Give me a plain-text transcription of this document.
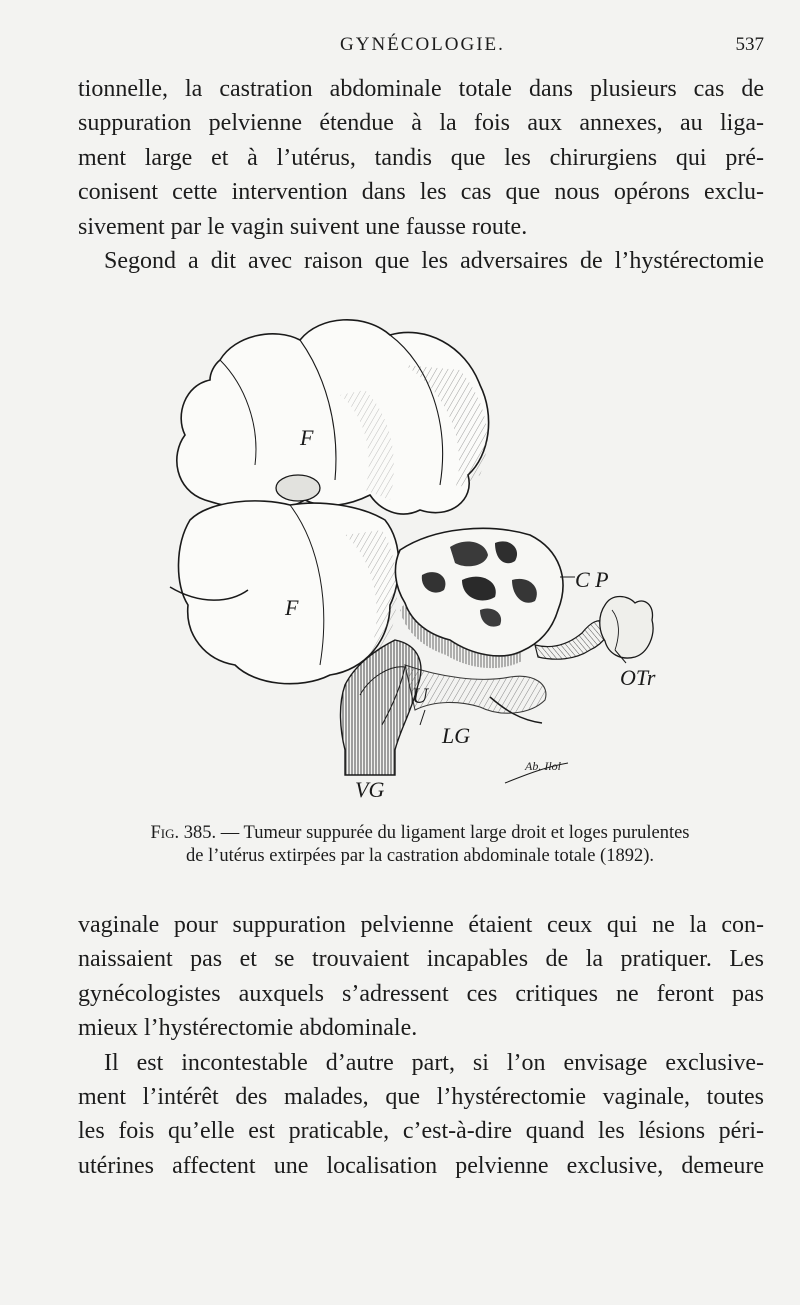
GYNÉCOLOGIE.	537
tionnelle, la castration abdominale totale dans plusieurs cas de
suppuration pelvienne étendue à la fois aux annexes, au liga-
ment large et à l’utérus, tandis que les chirurgiens qui pré-
conisent cette intervention dans les cas que nous opérons exclu-
sivement par le vagin suivent une fausse route.
Segond a dit avec raison que les adversaires de l’hystérectomie
F
F
C P
OTr
U
LG
VG
Ab. Ilol
Fig. 385. — Tumeur suppurée du ligament large droit et loges purulentes
de l’utérus extirpées par la castration abdominale totale (1892).
vaginale pour suppuration pelvienne étaient ceux qui ne la con-
naissaient pas et se trouvaient incapables de la pratiquer. Les
gynécologistes auxquels s’adressent ces critiques ne feront pas
mieux l’hystérectomie abdominale.
Il est incontestable d’autre part, si l’on envisage exclusive-
ment l’intérêt des malades, que l’hystérectomie vaginale, toutes
les fois qu’elle est praticable, c’est-à-dire quand les lésions péri-
utérines affectent une localisation pelvienne exclusive, demeure
